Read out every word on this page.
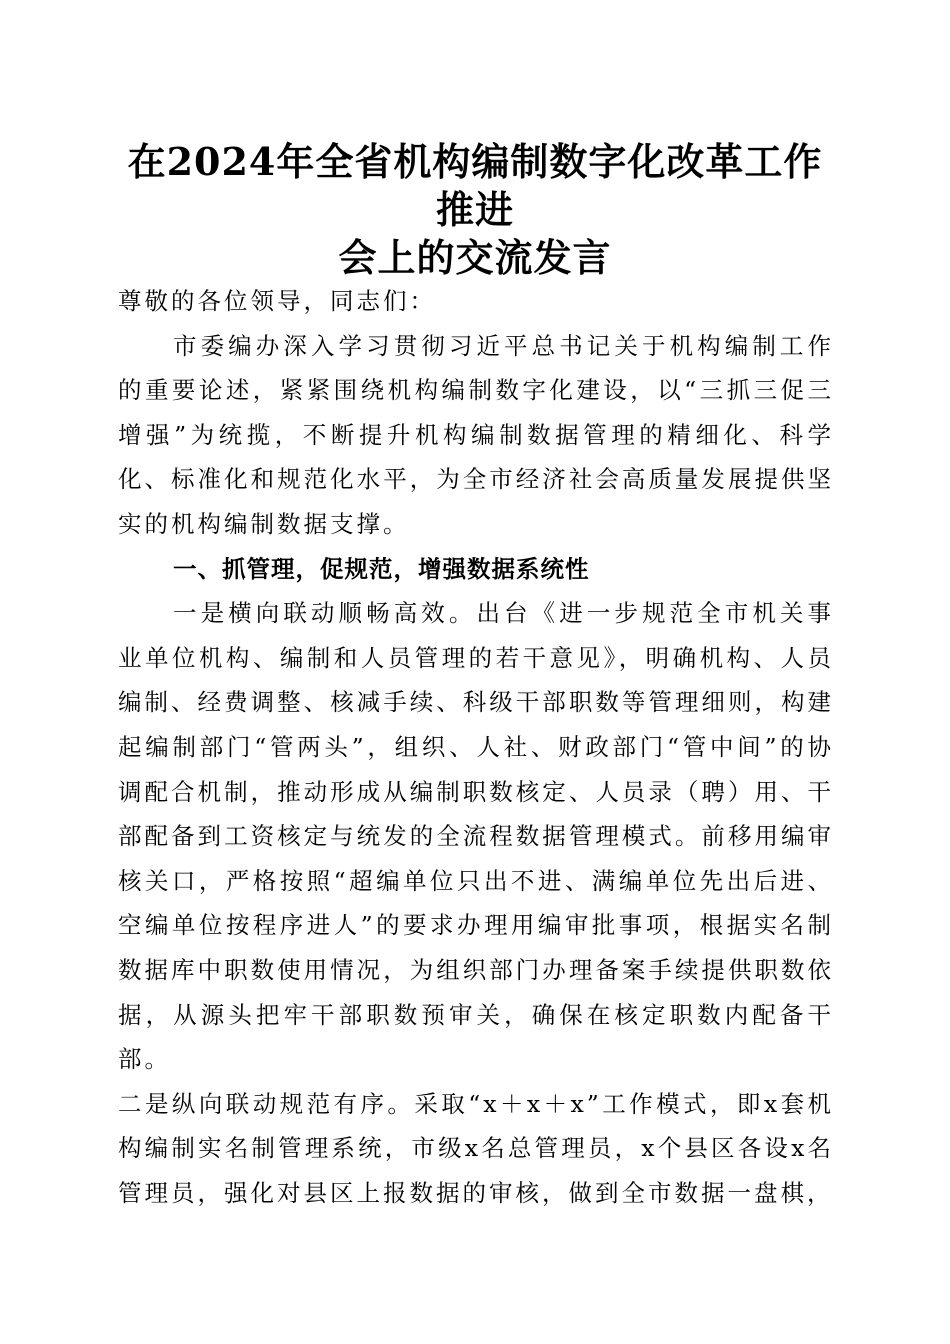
在2024年全省机构编制数字化改革工作推进
会上的交流发言

尊敬的各位领导，同志们：

市委编办深入学习贯彻习近平总书记关于机构编制工作的重要论述，紧紧围绕机构编制数字化建设，以“三抓三促三增强”为统揽，不断提升机构编制数据管理的精细化、科学化、标准化和规范化水平，为全市经济社会高质量发展提供坚实的机构编制数据支撑。

一、抓管理，促规范，增强数据系统性

一是横向联动顺畅高效。出台《进一步规范全市机关事业单位机构、编制和人员管理的若干意见》，明确机构、人员编制、经费调整、核减手续、科级干部职数等管理细则，构建起编制部门“管两头”，组织、人社、财政部门“管中间”的协调配合机制，推动形成从编制职数核定、人员录（聘）用、干部配备到工资核定与统发的全流程数据管理模式。前移用编审核关口，严格按照“超编单位只出不进、满编单位先出后进、空编单位按程序进人”的要求办理用编审批事项，根据实名制数据库中职数使用情况，为组织部门办理备案手续提供职数依据，从源头把牢干部职数预审关，确保在核定职数内配备干部。

二是纵向联动规范有序。采取“x＋x＋x”工作模式，即x套机构编制实名制管理系统，市级x名总管理员，x个县区各设x名管理员，强化对县区上报数据的审核，做到全市数据一盘棋，
